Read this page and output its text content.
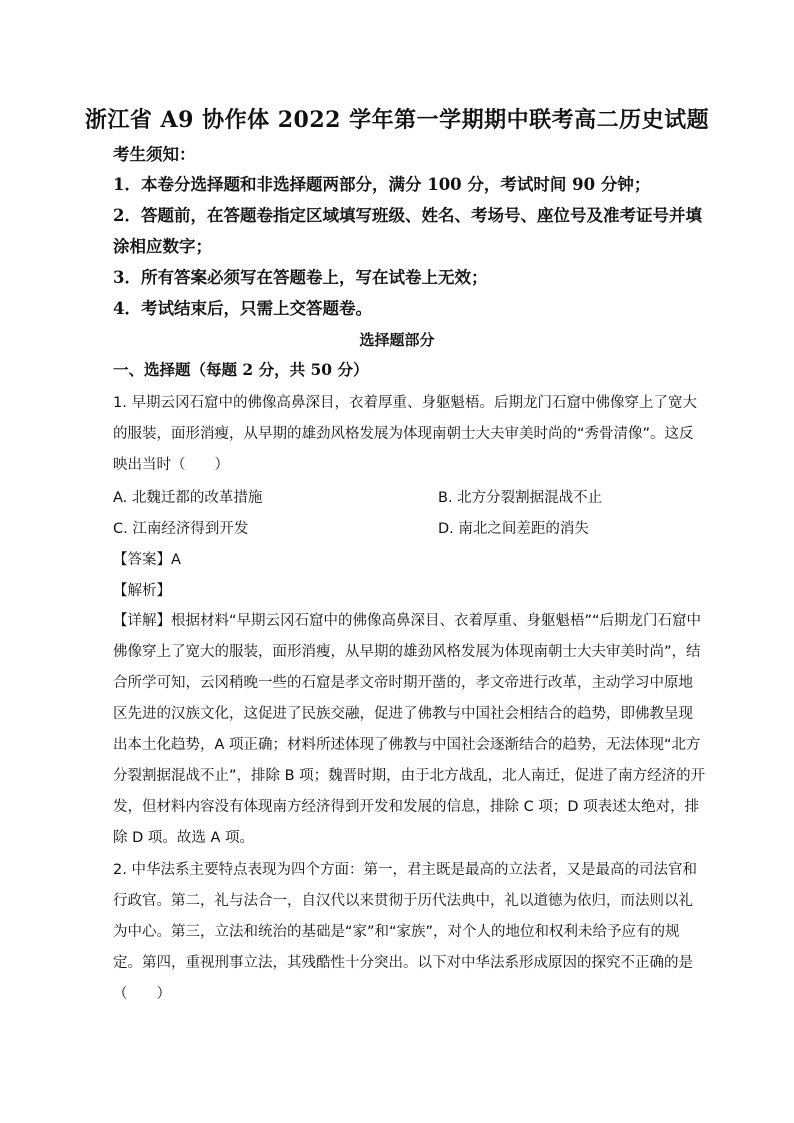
浙江省 A9 协作体 2022 学年第一学期期中联考高二历史试题
考生须知：
1．本卷分选择题和非选择题两部分，满分 100 分，考试时间 90 分钟；
2．答题前，在答题卷指定区域填写班级、姓名、考场号、座位号及准考证号并填
涂相应数字；
3．所有答案必须写在答题卷上，写在试卷上无效；
4．考试结束后，只需上交答题卷。
选择题部分
一、选择题（每题 2 分，共 50 分）
1. 早期云冈石窟中的佛像高鼻深目，衣着厚重、身躯魁梧。后期龙门石窟中佛像穿上了宽大
的服装，面形消瘦，从早期的雄劲风格发展为体现南朝士大夫审美时尚的“秀骨清像”。这反
映出当时（　　）
A. 北魏迁都的改革措施	B. 北方分裂割据混战不止
C. 江南经济得到开发	D. 南北之间差距的消失
【答案】A
【解析】
【详解】根据材料“早期云冈石窟中的佛像高鼻深目、衣着厚重、身躯魁梧”“后期龙门石窟中
佛像穿上了宽大的服装，面形消瘦，从早期的雄劲风格发展为体现南朝士大夫审美时尚”，结
合所学可知，云冈稍晚一些的石窟是孝文帝时期开凿的，孝文帝进行改革，主动学习中原地
区先进的汉族文化，这促进了民族交融，促进了佛教与中国社会相结合的趋势，即佛教呈现
出本土化趋势，A 项正确；材料所述体现了佛教与中国社会逐渐结合的趋势，无法体现“北方
分裂割据混战不止”，排除 B 项；魏晋时期，由于北方战乱，北人南迁，促进了南方经济的开
发，但材料内容没有体现南方经济得到开发和发展的信息，排除 C 项；D 项表述太绝对，排
除 D 项。故选 A 项。
2. 中华法系主要特点表现为四个方面：第一，君主既是最高的立法者，又是最高的司法官和
行政官。第二，礼与法合一，自汉代以来贯彻于历代法典中，礼以道德为依归，而法则以礼
为中心。第三，立法和统治的基础是“家”和“家族”，对个人的地位和权利未给予应有的规
定。第四，重视刑事立法，其残酷性十分突出。以下对中华法系形成原因的探究不正确的是
（　　）
